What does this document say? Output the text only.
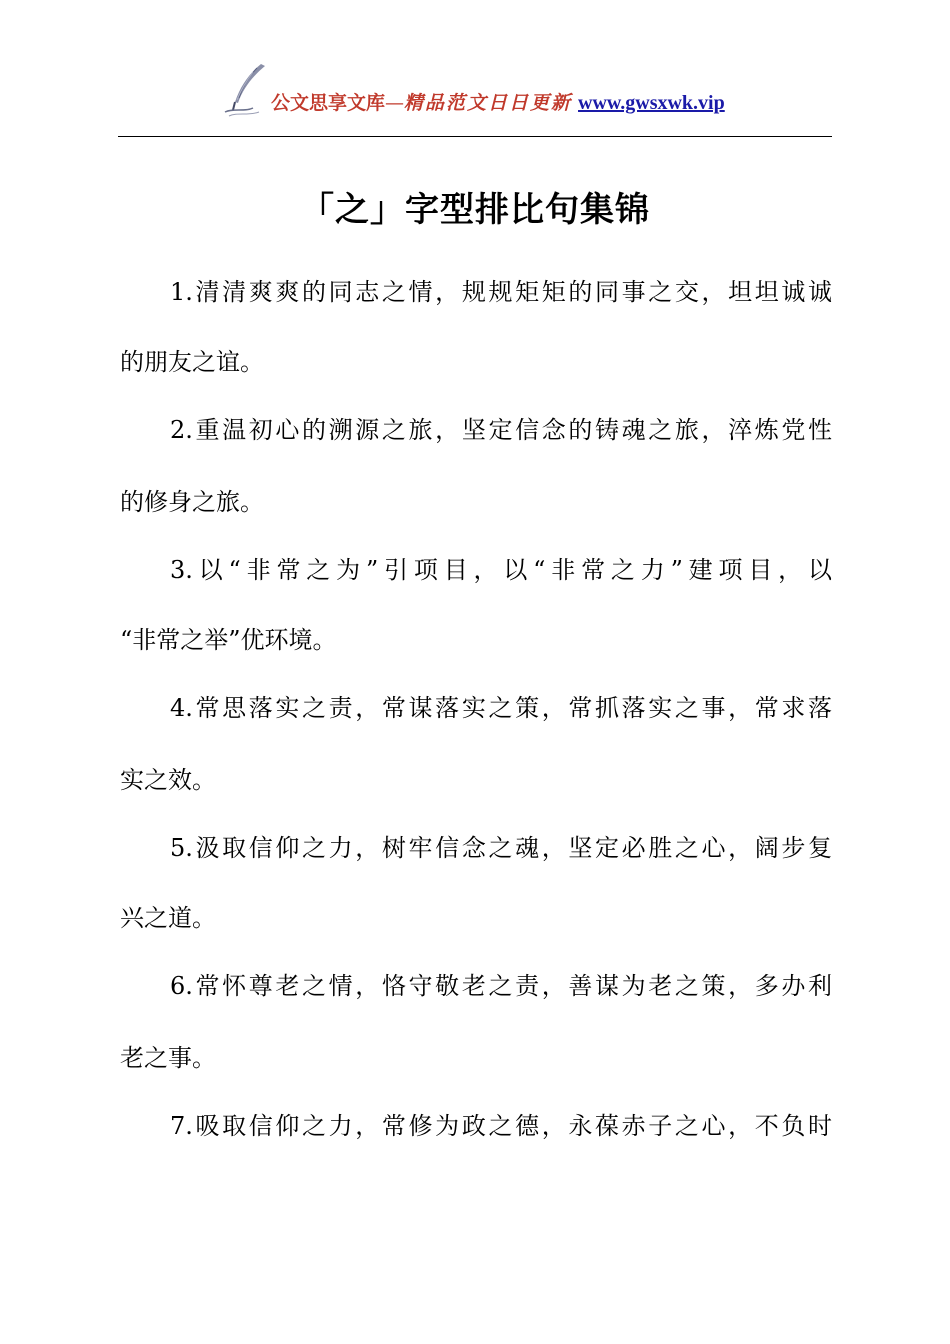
公文思享文库—精品范文日日更新 www.gwsxwk.vip
「之」字型排比句集锦
1.清清爽爽的同志之情，规规矩矩的同事之交，坦坦诚诚
的朋友之谊。
2.重温初心的溯源之旅，坚定信念的铸魂之旅，淬炼党性
的修身之旅。
3.以“非常之为”引项目，以“非常之力”建项目，以
“非常之举”优环境。
4.常思落实之责，常谋落实之策，常抓落实之事，常求落
实之效。
5.汲取信仰之力，树牢信念之魂，坚定必胜之心，阔步复
兴之道。
6.常怀尊老之情，恪守敬老之责，善谋为老之策，多办利
老之事。
7.吸取信仰之力，常修为政之德，永葆赤子之心，不负时
